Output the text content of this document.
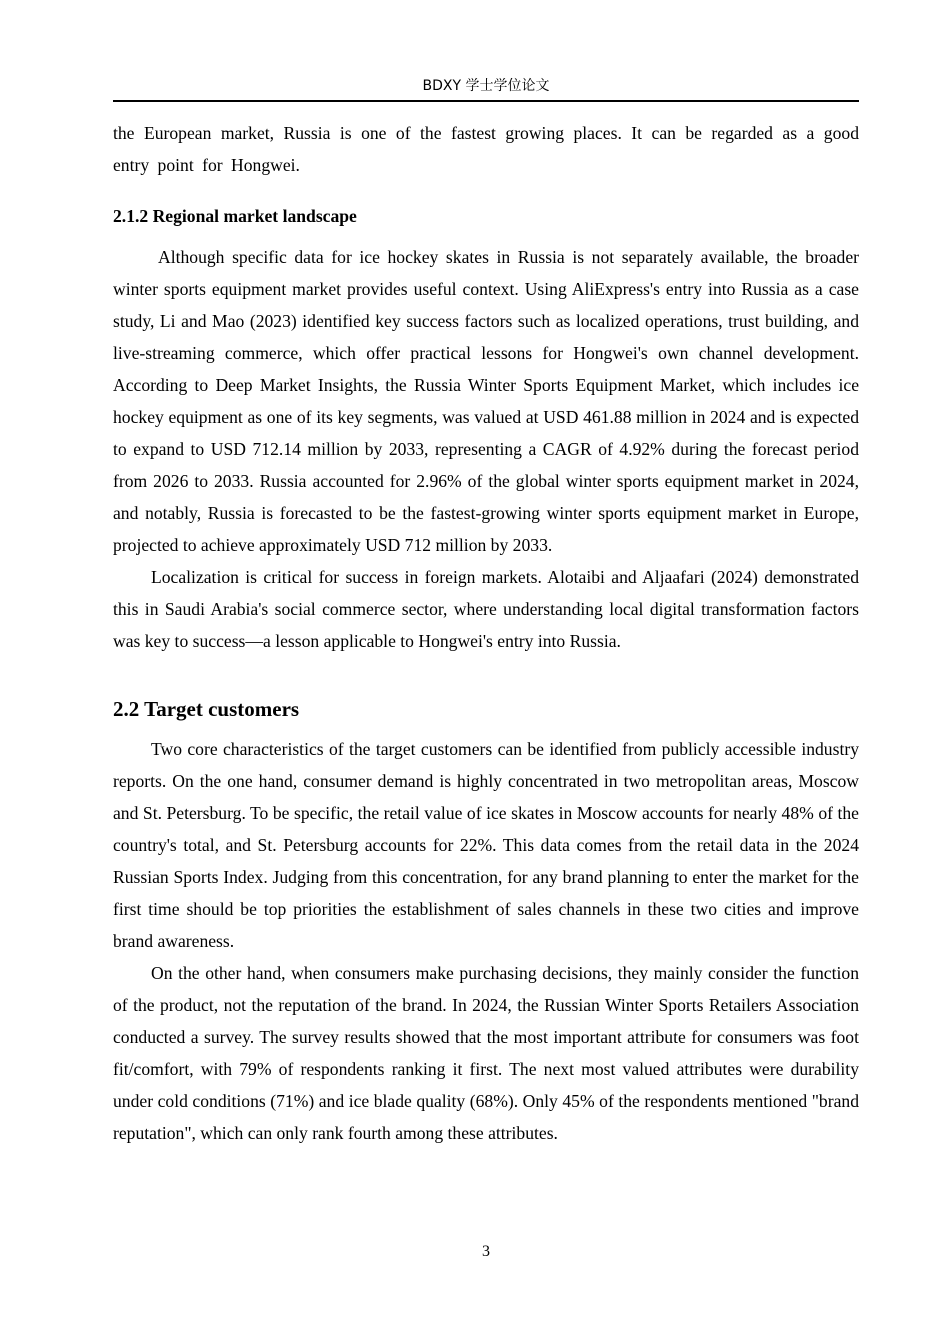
BDXY 学士学位论文

the European market, Russia is one of the fastest growing places. It can be regarded as a good entry point for Hongwei.

2.1.2 Regional market landscape

Although specific data for ice hockey skates in Russia is not separately available, the broader winter sports equipment market provides useful context. Using AliExpress's entry into Russia as a case study, Li and Mao (2023) identified key success factors such as localized operations, trust building, and live-streaming commerce, which offer practical lessons for Hongwei's own channel development. According to Deep Market Insights, the Russia Winter Sports Equipment Market, which includes ice hockey equipment as one of its key segments, was valued at USD 461.88 million in 2024 and is expected to expand to USD 712.14 million by 2033, representing a CAGR of 4.92% during the forecast period from 2026 to 2033. Russia accounted for 2.96% of the global winter sports equipment market in 2024, and notably, Russia is forecasted to be the fastest-growing winter sports equipment market in Europe, projected to achieve approximately USD 712 million by 2033.

Localization is critical for success in foreign markets. Alotaibi and Aljaafari (2024) demonstrated this in Saudi Arabia's social commerce sector, where understanding local digital transformation factors was key to success—a lesson applicable to Hongwei's entry into Russia.

2.2 Target customers

Two core characteristics of the target customers can be identified from publicly accessible industry reports. On the one hand, consumer demand is highly concentrated in two metropolitan areas, Moscow and St. Petersburg. To be specific, the retail value of ice skates in Moscow accounts for nearly 48% of the country's total, and St. Petersburg accounts for 22%. This data comes from the retail data in the 2024 Russian Sports Index. Judging from this concentration, for any brand planning to enter the market for the first time should be top priorities the establishment of sales channels in these two cities and improve brand awareness.

On the other hand, when consumers make purchasing decisions, they mainly consider the function of the product, not the reputation of the brand. In 2024, the Russian Winter Sports Retailers Association conducted a survey. The survey results showed that the most important attribute for consumers was foot fit/comfort, with 79% of respondents ranking it first. The next most valued attributes were durability under cold conditions (71%) and ice blade quality (68%). Only 45% of the respondents mentioned "brand reputation", which can only rank fourth among these attributes.

3
